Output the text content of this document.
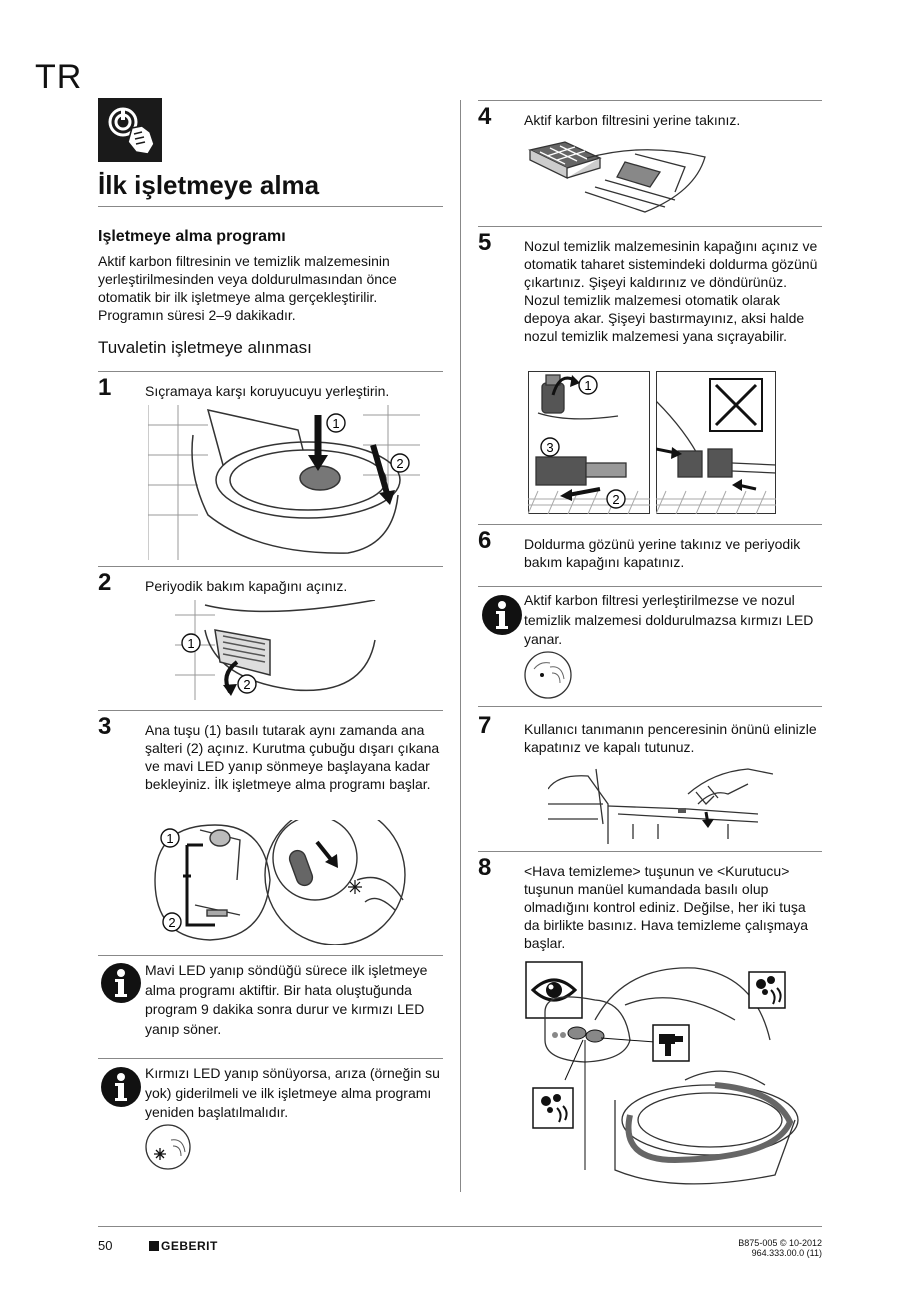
TR
İlk işletmeye alma
Işletmeye alma programı
Aktif karbon filtresinin ve temizlik malzemesinin yerleştirilmesinden veya doldurulmasından önce otomatik bir ilk işletmeye alma gerçekleştirilir. Programın süresi 2–9 dakikadır.
Tuvaletin işletmeye alınması
1 Sıçramaya karşı koruyucuyu yerleştirin.
1
2
2 Periyodik bakım kapağını açınız.
1
2
3 Ana tuşu (1) basılı tutarak aynı zamanda ana şalteri (2) açınız. Kurutma çubuğu dışarı çıkana ve mavi LED yanıp sönmeye başlayana kadar bekleyiniz. İlk işletmeye alma programı başlar.
1
2
Mavi LED yanıp söndüğü sürece ilk işletmeye alma programı aktiftir. Bir hata oluştuğunda program 9 dakika sonra durur ve kırmızı LED yanıp söner.
Kırmızı LED yanıp sönüyorsa, arıza (örneğin su yok) giderilmeli ve ilk işletmeye alma programı yeniden başlatılmalıdır.
4 Aktif karbon filtresini yerine takınız.
5 Nozul temizlik malzemesinin kapağını açınız ve otomatik taharet sistemindeki doldurma gözünü çıkartınız. Şişeyi kaldırınız ve döndürünüz. Nozul temizlik malzemesi otomatik olarak depoya akar. Şişeyi bastırmayınız, aksi halde nozul temizlik malzemesi yana sıçrayabilir.
1
3
2
6 Doldurma gözünü yerine takınız ve periyodik bakım kapağını kapatınız.
Aktif karbon filtresi yerleştirilmezse ve nozul temizlik malzemesi doldurulmazsa kırmızı LED yanar.
7 Kullanıcı tanımanın penceresinin önünü elinizle kapatınız ve kapalı tutunuz.
8 <Hava temizleme> tuşunun ve <Kurutucu> tuşunun manüel kumandada basılı olup olmadığını kontrol ediniz. Değilse, her iki tuşa da birlikte basınız. Hava temizleme çalışmaya başlar.
50	GEBERIT	B875-005 © 10-2012
964.333.00.0 (11)
